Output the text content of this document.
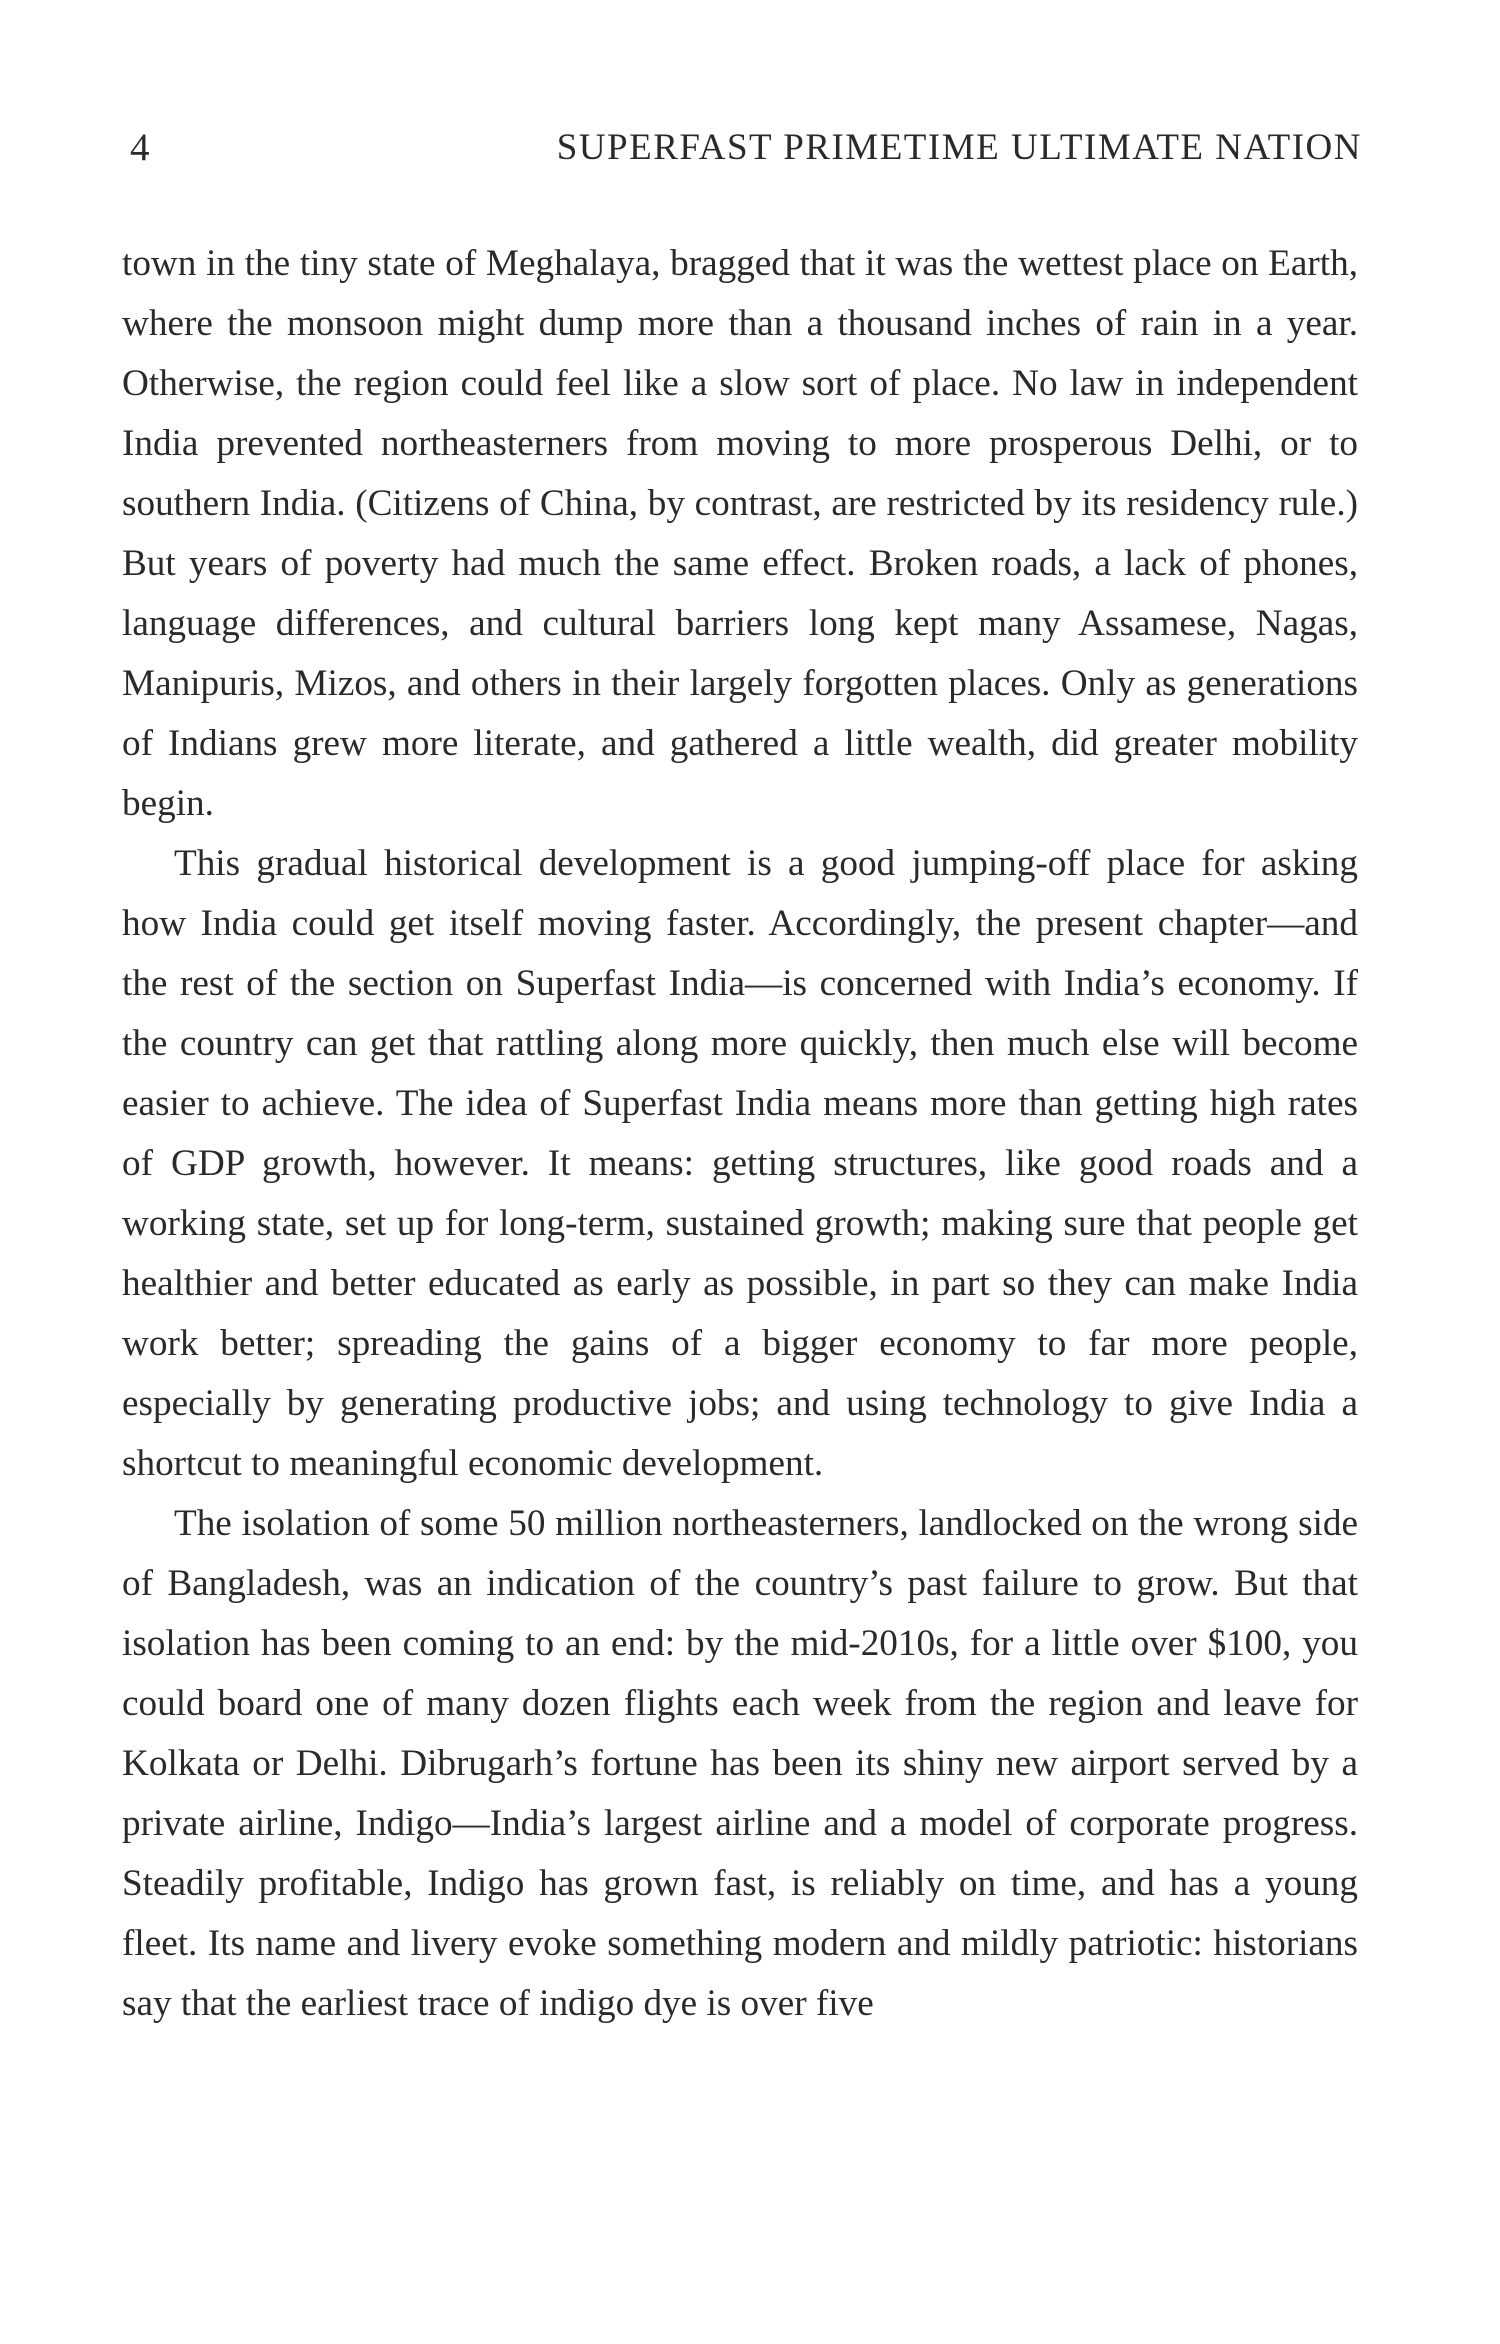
4	SUPERFAST PRIMETIME ULTIMATE NATION

town in the tiny state of Meghalaya, bragged that it was the wettest place on Earth, where the monsoon might dump more than a thousand inches of rain in a year. Otherwise, the region could feel like a slow sort of place. No law in independent India prevented northeasterners from moving to more prosperous Delhi, or to southern India. (Citizens of China, by contrast, are restricted by its residency rule.) But years of poverty had much the same effect. Broken roads, a lack of phones, language differences, and cultural barriers long kept many Assamese, Nagas, Manipuris, Mizos, and others in their largely forgotten places. Only as generations of Indians grew more literate, and gathered a little wealth, did greater mobility begin.

This gradual historical development is a good jumping-off place for asking how India could get itself moving faster. Accordingly, the present chapter—and the rest of the section on Superfast India—is concerned with India’s economy. If the country can get that rattling along more quickly, then much else will become easier to achieve. The idea of Superfast India means more than getting high rates of GDP growth, however. It means: getting structures, like good roads and a working state, set up for long-term, sustained growth; making sure that people get healthier and better educated as early as possible, in part so they can make India work better; spreading the gains of a bigger economy to far more people, especially by generating productive jobs; and using technology to give India a shortcut to meaningful economic development.

The isolation of some 50 million northeasterners, landlocked on the wrong side of Bangladesh, was an indication of the country’s past failure to grow. But that isolation has been coming to an end: by the mid-2010s, for a little over $100, you could board one of many dozen flights each week from the region and leave for Kolkata or Delhi. Dibrugarh’s fortune has been its shiny new airport served by a private airline, Indigo—India’s largest airline and a model of corporate progress. Steadily profitable, Indigo has grown fast, is reliably on time, and has a young fleet. Its name and livery evoke something modern and mildly patriotic: historians say that the earliest trace of indigo dye is over five
